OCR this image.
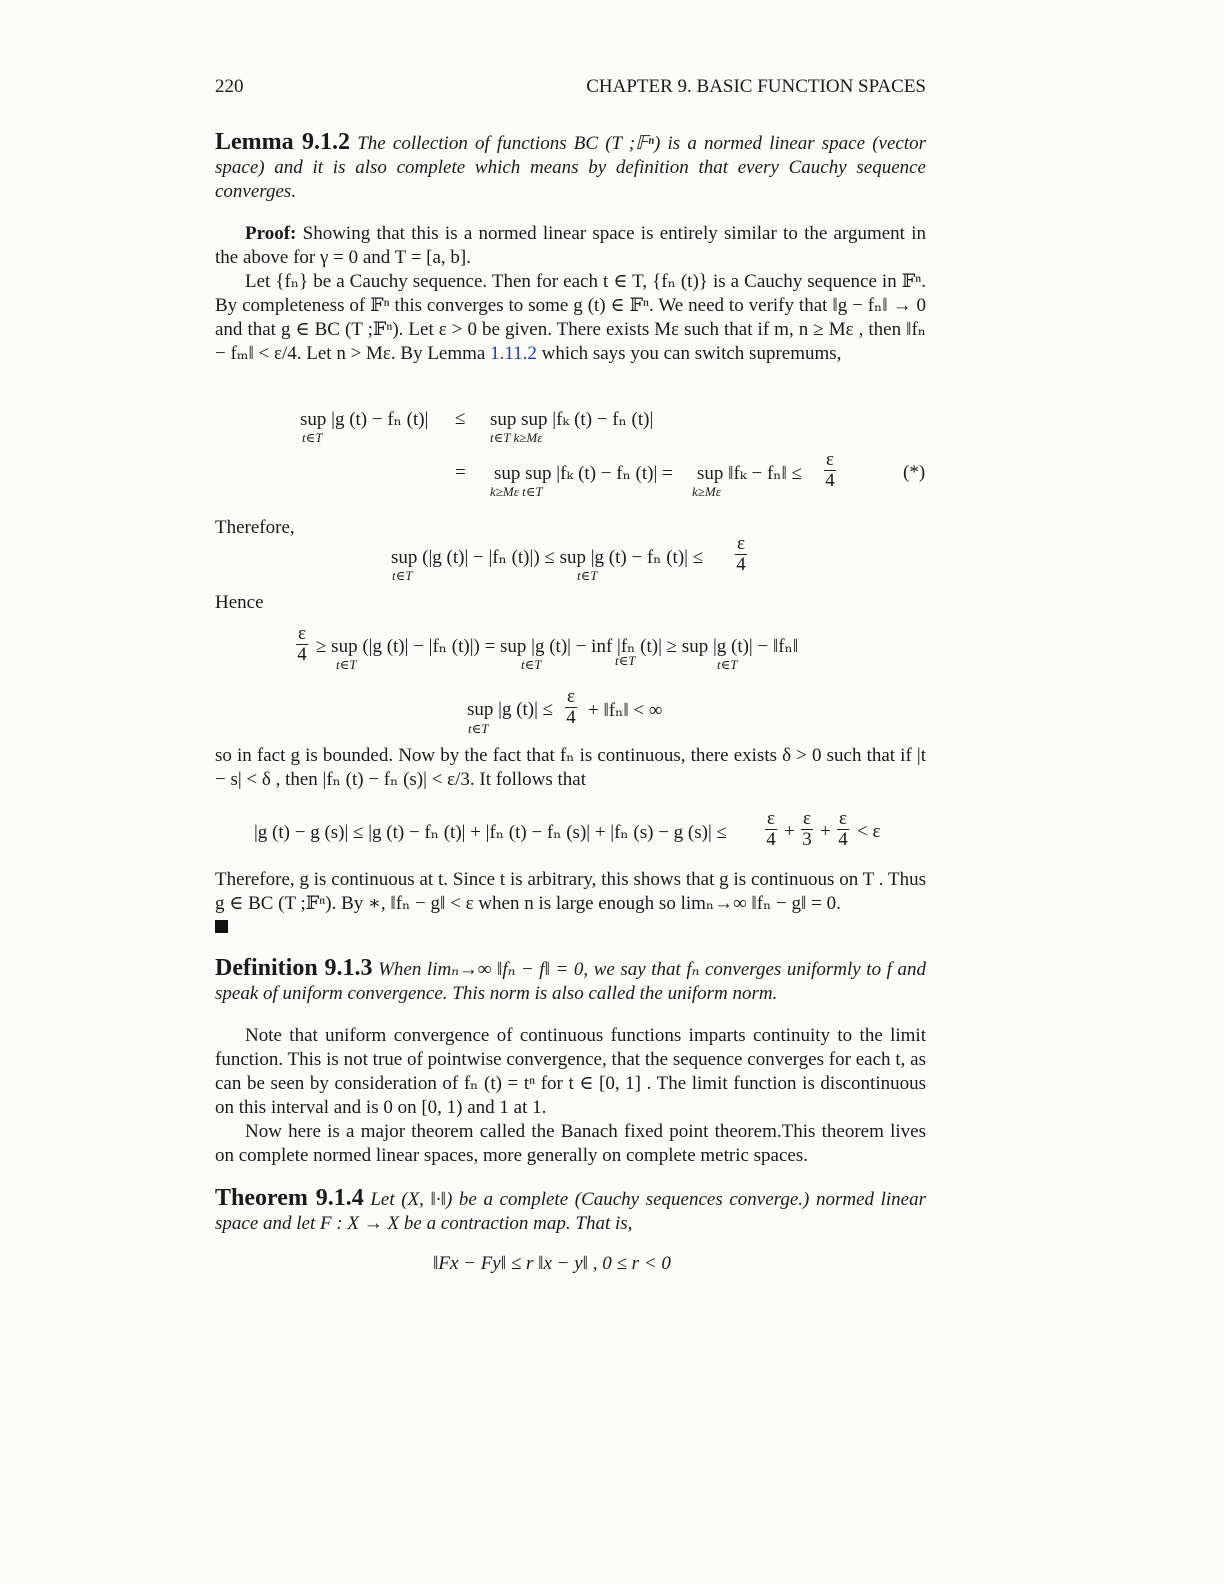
220	CHAPTER 9. BASIC FUNCTION SPACES
Lemma 9.1.2 The collection of functions BC (T ;𝔽ⁿ) is a normed linear space (vector space) and it is also complete which means by definition that every Cauchy sequence converges.
Proof: Showing that this is a normed linear space is entirely similar to the argument in the above for γ = 0 and T = [a, b].
Let {fₙ} be a Cauchy sequence. Then for each t ∈ T, {fₙ (t)} is a Cauchy sequence in 𝔽ⁿ. By completeness of 𝔽ⁿ this converges to some g (t) ∈ 𝔽ⁿ. We need to verify that ‖g − fₙ‖ → 0 and that g ∈ BC (T ;𝔽ⁿ). Let ε > 0 be given. There exists Mε such that if m, n ≥ Mε , then ‖fₙ − fₘ‖ < ε/4. Let n > Mε. By Lemma 1.11.2 which says you can switch supremums,
sup |g (t) − fₙ (t)|
t∈T
≤ sup sup |fₖ (t) − fₙ (t)|
t∈T k≥Mε
= sup sup |fₖ (t) − fₙ (t)| =
k≥Mε t∈T
sup ‖fₖ − fₙ‖ ≤
k≥Mε
$\frac{\varepsilon}{4}$	(*)
Therefore,
sup (|g (t)| − |fₙ (t)|) ≤ sup |g (t) − fₙ (t)| ≤
t∈T	t∈T
$\frac{\varepsilon}{4}$
Hence
$\frac{\varepsilon}{4}$ ≥ sup (|g (t)| − |fₙ (t)|) = sup |g (t)| − inf |fₙ (t)| ≥ sup |g (t)| − ‖fₙ‖
t∈T	t∈T	t∈T	t∈T
sup |g (t)| ≤
t∈T
$\frac{\varepsilon}{4}$ + ‖fₙ‖ < ∞
so in fact g is bounded. Now by the fact that fₙ is continuous, there exists δ > 0 such that if |t − s| < δ , then |fₙ (t) − fₙ (s)| < ε/3. It follows that
|g (t) − g (s)| ≤ |g (t) − fₙ (t)| + |fₙ (t) − fₙ (s)| + |fₙ (s) − g $(s)| \le \frac{\varepsilon}{4} + \frac{\varepsilon}{3} + \frac{\varepsilon}{4} < \varepsilon$
Therefore, g is continuous at t. Since t is arbitrary, this shows that g is continuous on T . Thus g ∈ BC (T ;𝔽ⁿ). By ∗, ‖fₙ − g‖ < ε when n is large enough so limₙ→∞ ‖fₙ − g‖ = 0.
Definition 9.1.3 When limₙ→∞ ‖fₙ − f‖ = 0, we say that fₙ converges uniformly to f and speak of uniform convergence. This norm is also called the uniform norm.
Note that uniform convergence of continuous functions imparts continuity to the limit function. This is not true of pointwise convergence, that the sequence converges for each t, as can be seen by consideration of fₙ (t) = tⁿ for t ∈ [0, 1] . The limit function is discontinuous on this interval and is 0 on [0, 1) and 1 at 1.
Now here is a major theorem called the Banach fixed point theorem.This theorem lives on complete normed linear spaces, more generally on complete metric spaces.
Theorem 9.1.4 Let (X, ‖·‖) be a complete (Cauchy sequences converge.) normed linear space and let F : X → X be a contraction map. That is,
‖Fx − Fy‖ ≤ r ‖x − y‖ , 0 ≤ r < 0
